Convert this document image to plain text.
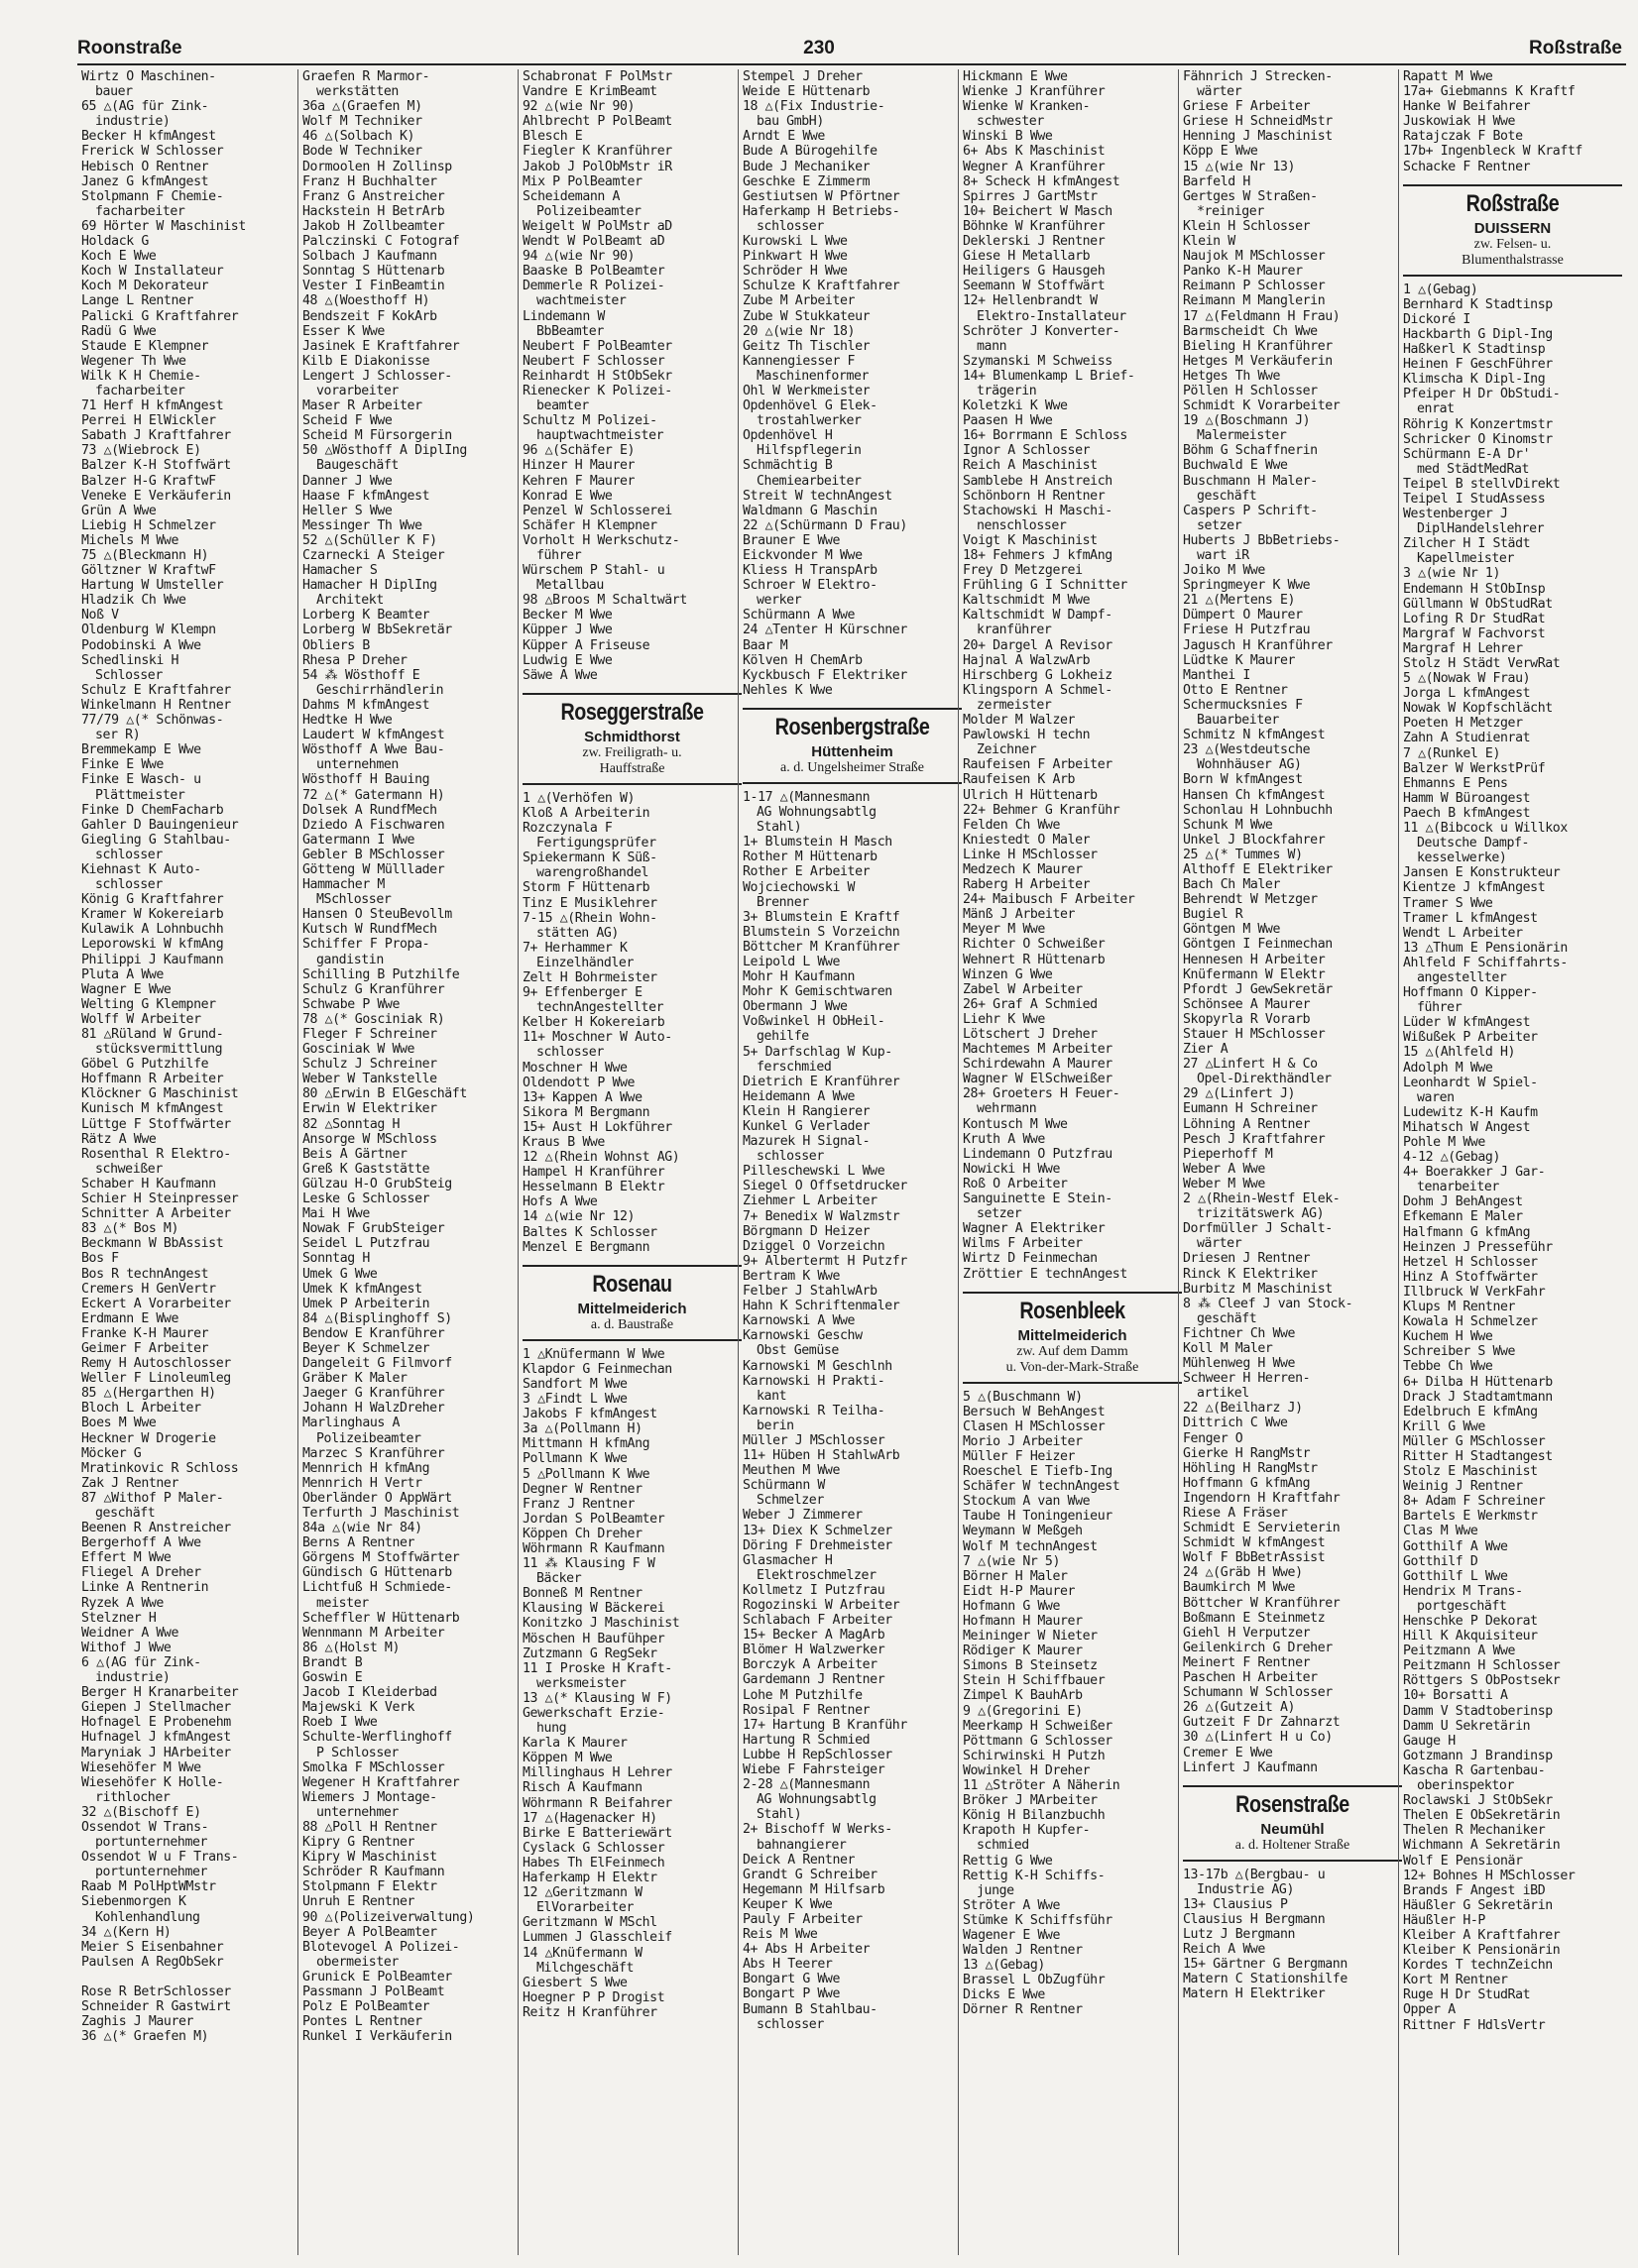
Roonstraße	230	Roßstraße
Wirtz O Maschinen-
bauer
65 △(AG für Zink-
industrie)
Becker H kfmAngest
Frerick W Schlosser
Hebisch O Rentner
Janez G kfmAngest
Stolpmann F Chemie-
facharbeiter
69 Hörter W Maschinist
Holdack G
Koch E Wwe
Koch W Installateur
Koch M Dekorateur
Lange L Rentner
Palicki G Kraftfahrer
Radü G Wwe
Staude E Klempner
Wegener Th Wwe
Wilk K H Chemie-
facharbeiter
71 Herf H kfmAngest
Perrei H ElWickler
Sabath J Kraftfahrer
73 △(Wiebrock E)
Balzer K-H Stoffwärt
Balzer H-G KraftwF
Veneke E Verkäuferin
Grün A Wwe
Liebig H Schmelzer
Michels M Wwe
75 △(Bleckmann H)
Göltzner W KraftwF
Hartung W Umsteller
Hladzik Ch Wwe
Noß V
Oldenburg W Klempn
Podobinski A Wwe
Schedlinski H
Schlosser
Schulz E Kraftfahrer
Winkelmann H Rentner
77/79 △(* Schönwas-
ser R)
Bremmekamp E Wwe
Finke E Wwe
Finke E Wasch- u
Plättmeister
Finke D ChemFacharb
Gahler D Bauingenieur
Giegling G Stahlbau-
schlosser
Kiehnast K Auto-
schlosser
König G Kraftfahrer
Kramer W Kokereiarb
Kulawik A Lohnbuchh
Leporowski W kfmAng
Philippi J Kaufmann
Pluta A Wwe
Wagner E Wwe
Welting G Klempner
Wolff W Arbeiter
81 △Rüland W Grund-
stücksvermittlung
Göbel G Putzhilfe
Hoffmann R Arbeiter
Klöckner G Maschinist
Kunisch M kfmAngest
Lüttge F Stoffwärter
Rätz A Wwe
Rosenthal R Elektro-
schweißer
Schaber H Kaufmann
Schier H Steinpresser
Schnitter A Arbeiter
83 △(* Bos M)
Beckmann W BbAssist
Bos F
Bos R technAngest
Cremers H GenVertr
Eckert A Vorarbeiter
Erdmann E Wwe
Franke K-H Maurer
Geimer F Arbeiter
Remy H Autoschlosser
Weller F Linoleumleg
85 △(Hergarthen H)
Bloch L Arbeiter
Boes M Wwe
Heckner W Drogerie
Möcker G
Mratinkovic R Schloss
Zak J Rentner
87 △Withof P Maler-
geschäft
Beenen R Anstreicher
Bergerhoff A Wwe
Effert M Wwe
Fliegel A Dreher
Linke A Rentnerin
Ryzek A Wwe
Stelzner H
Weidner A Wwe
Withof J Wwe
6 △(AG für Zink-
industrie)
Berger H Kranarbeiter
Giepen J Stellmacher
Hofnagel E Probenehm
Hufnagel J kfmAngest
Maryniak J HArbeiter
Wiesehöfer M Wwe
Wiesehöfer K Holle-
rithlocher
32 △(Bischoff E)
Ossendot W Trans-
portunternehmer
Ossendot W u F Trans-
portunternehmer
Raab M PolHptWMstr
Siebenmorgen K
Kohlenhandlung
34 △(Kern H)
Meier S Eisenbahner
Paulsen A RegObSekr

Rose R BetrSchlosser
Schneider R Gastwirt
Zaghis J Maurer
36 △(* Graefen M)
Graefen R Marmor-
werkstätten
36a △(Graefen M)
Wolf M Techniker
46 △(Solbach K)
Bode W Techniker
Dormoolen H Zollinsp
Franz H Buchhalter
Franz G Anstreicher
Hackstein H BetrArb
Jakob H Zollbeamter
Palczinski C Fotograf
Solbach J Kaufmann
Sonntag S Hüttenarb
Vester I FinBeamtin
48 △(Woesthoff H)
Bendszeit F KokArb
Esser K Wwe
Jasinek E Kraftfahrer
Kilb E Diakonisse
Lengert J Schlosser-
vorarbeiter
Maser R Arbeiter
Scheid F Wwe
Scheid M Fürsorgerin
50 △Wösthoff A DiplIng
Baugeschäft
Danner J Wwe
Haase F kfmAngest
Heller S Wwe
Messinger Th Wwe
52 △(Schüller K F)
Czarnecki A Steiger
Hamacher S
Hamacher H DiplIng
Architekt
Lorberg K Beamter
Lorberg W BbSekretär
Obliers B
Rhesa P Dreher
54 ⁂ Wösthoff E
Geschirrhändlerin
Dahms M kfmAngest
Hedtke H Wwe
Laudert W kfmAngest
Wösthoff A Wwe Bau-
unternehmen
Wösthoff H Bauing
72 △(* Gatermann H)
Dolsek A RundfMech
Dziedo A Fischwaren
Gatermann I Wwe
Gebler B MSchlosser
Götteng W Mülllader
Hammacher M
MSchlosser
Hansen O SteuBevollm
Kutsch W RundfMech
Schiffer F Propa-
gandistin
Schilling B Putzhilfe
Schulz G Kranführer
Schwabe P Wwe
78 △(* Gosciniak R)
Fleger F Schreiner
Gosciniak W Wwe
Schulz J Schreiner
Weber W Tankstelle
80 △Erwin B ElGeschäft
Erwin W Elektriker
82 △Sonntag H
Ansorge W MSchloss
Beis A Gärtner
Greß K Gaststätte
Gülzau H-O GrubSteig
Leske G Schlosser
Mai H Wwe
Nowak F GrubSteiger
Seidel L Putzfrau
Sonntag H
Umek G Wwe
Umek K kfmAngest
Umek P Arbeiterin
84 △(Bisplinghoff S)
Bendow E Kranführer
Beyer K Schmelzer
Dangeleit G Filmvorf
Gräber K Maler
Jaeger G Kranführer
Johann H WalzDreher
Marlinghaus A
Polizeibeamter
Marzec S Kranführer
Mennrich H kfmAng
Mennrich H Vertr
Oberländer O AppWärt
Terfurth J Maschinist
84a △(wie Nr 84)
Berns A Rentner
Görgens M Stoffwärter
Gündisch G Hüttenarb
Lichtfuß H Schmiede-
meister
Scheffler W Hüttenarb
Wennmann M Arbeiter
86 △(Holst M)
Brandt B
Goswin E
Jacob I Kleiderbad
Majewski K Verk
Roeb I Wwe
Schulte-Werflinghoff
P Schlosser
Smolka F MSchlosser
Wegener H Kraftfahrer
Wiemers J Montage-
unternehmer
88 △Poll H Rentner
Kipry G Rentner
Kipry W Maschinist
Schröder R Kaufmann
Stolpmann F Elektr
Unruh E Rentner
90 △(Polizeiverwaltung)
Beyer A PolBeamter
Blotevogel A Polizei-
obermeister
Grunick E PolBeamter
Passmann J PolBeamt
Polz E PolBeamter
Pontes L Rentner
Runkel I Verkäuferin
Schabronat F PolMstr
Vandre E KrimBeamt
92 △(wie Nr 90)
Ahlbrecht P PolBeamt
Blesch E
Fiegler K Kranführer
Jakob J PolObMstr iR
Mix P PolBeamter
Scheidemann A
Polizeibeamter
Weigelt W PolMstr aD
Wendt W PolBeamt aD
94 △(wie Nr 90)
Baaske B PolBeamter
Demmerle R Polizei-
wachtmeister
Lindemann W
BbBeamter
Neubert F PolBeamter
Neubert F Schlosser
Reinhardt H StObSekr
Rienecker K Polizei-
beamter
Schultz M Polizei-
hauptwachtmeister
96 △(Schäfer E)
Hinzer H Maurer
Kehren F Maurer
Konrad E Wwe
Penzel W Schlosserei
Schäfer H Klempner
Vorholt H Werkschutz-
führer
Würschem P Stahl- u
Metallbau
98 △Broos M Schaltwärt
Becker M Wwe
Küpper J Wwe
Küpper A Friseuse
Ludwig E Wwe
Säwe A Wwe
Roseggerstraße
Schmidthorst
zw. Freiligrath- u.
Hauffstraße
1 △(Verhöfen W)
Kloß A Arbeiterin
Rozczynala F
Fertigungsprüfer
Spiekermann K Süß-
warengroßhandel
Storm F Hüttenarb
Tinz E Musiklehrer
7-15 △(Rhein Wohn-
stätten AG)
7+ Herhammer K
Einzelhändler
Zelt H Bohrmeister
9+ Effenberger E
technAngestellter
Kelber H Kokereiarb
11+ Moschner W Auto-
schlosser
Moschner H Wwe
Oldendott P Wwe
13+ Kappen A Wwe
Sikora M Bergmann
15+ Aust H Lokführer
Kraus B Wwe
12 △(Rhein Wohnst AG)
Hampel H Kranführer
Hesselmann B Elektr
Hofs A Wwe
14 △(wie Nr 12)
Baltes K Schlosser
Menzel E Bergmann
Rosenau
Mittelmeiderich
a. d. Baustraße
1 △Knüfermann W Wwe
Klapdor G Feinmechan
Sandfort M Wwe
3 △Findt L Wwe
Jakobs F kfmAngest
3a △(Pollmann H)
Mittmann H kfmAng
Pollmann K Wwe
5 △Pollmann K Wwe
Degner W Rentner
Franz J Rentner
Jordan S PolBeamter
Köppen Ch Dreher
Wöhrmann R Kaufmann
11 ⁂ Klausing F W
Bäcker
Bonneß M Rentner
Klausing W Bäckerei
Konitzko J Maschinist
Möschen H Baufühper
Zutzmann G RegSekr
11 I Proske H Kraft-
werksmeister
13 △(* Klausing W F)
Gewerkschaft Erzie-
hung
Karla K Maurer
Köppen M Wwe
Millinghaus H Lehrer
Risch A Kaufmann
Wöhrmann R Beifahrer
17 △(Hagenacker H)
Birke E Batteriewärt
Cyslack G Schlosser
Habes Th ElFeinmech
Haferkamp H Elektr
12 △Geritzmann W
ElVorarbeiter
Geritzmann W MSchl
Lummen J Glasschleif
14 △Knüfermann W
Milchgeschäft
Giesbert S Wwe
Hoegner P P Drogist
Reitz H Kranführer
Stempel J Dreher
Weide E Hüttenarb
18 △(Fix Industrie-
bau GmbH)
Arndt E Wwe
Bude A Bürogehilfe
Bude J Mechaniker
Geschke E Zimmerm
Gestiutsen W Pförtner
Haferkamp H Betriebs-
schlosser
Kurowski L Wwe
Pinkwart H Wwe
Schröder H Wwe
Schulze K Kraftfahrer
Zube M Arbeiter
Zube W Stukkateur
20 △(wie Nr 18)
Geitz Th Tischler
Kannengiesser F
Maschinenformer
Ohl W Werkmeister
Opdenhövel G Elek-
trostahlwerker
Opdenhövel H
Hilfspflegerin
Schmächtig B
Chemiearbeiter
Streit W technAngest
Waldmann G Maschin
22 △(Schürmann D Frau)
Brauner E Wwe
Eickvonder M Wwe
Kliess H TranspArb
Schroer W Elektro-
werker
Schürmann A Wwe
24 △Tenter H Kürschner
Baar M
Kölven H ChemArb
Kyckbusch F Elektriker
Nehles K Wwe
Rosenbergstraße
Hüttenheim
a. d. Ungelsheimer Straße
1-17 △(Mannesmann
AG Wohnungsabtlg
Stahl)
1+ Blumstein H Masch
Rother M Hüttenarb
Rother E Arbeiter
Wojciechowski W
Brenner
3+ Blumstein E Kraftf
Blumstein S Vorzeichn
Böttcher M Kranführer
Leipold L Wwe
Mohr H Kaufmann
Mohr K Gemischtwaren
Obermann J Wwe
Voßwinkel H ObHeil-
gehilfe
5+ Darfschlag W Kup-
ferschmied
Dietrich E Kranführer
Heidemann A Wwe
Klein H Rangierer
Kunkel G Verlader
Mazurek H Signal-
schlosser
Pilleschewski L Wwe
Siegel O Offsetdrucker
Ziehmer L Arbeiter
7+ Benedix W Walzmstr
Börgmann D Heizer
Dziggel O Vorzeichn
9+ Albertermt H Putzfr
Bertram K Wwe
Felber J StahlwArb
Hahn K Schriftenmaler
Karnowski A Wwe
Karnowski Geschw
Obst Gemüse
Karnowski M Geschlnh
Karnowski H Prakti-
kant
Karnowski R Teilha-
berin
Müller J MSchlosser
11+ Hüben H StahlwArb
Meuthen M Wwe
Schürmann W
Schmelzer
Weber J Zimmerer
13+ Diex K Schmelzer
Döring F Drehmeister
Glasmacher H
Elektroschmelzer
Kollmetz I Putzfrau
Rogozinski W Arbeiter
Schlabach F Arbeiter
15+ Becker A MagArb
Blömer H Walzwerker
Borczyk A Arbeiter
Gardemann J Rentner
Lohe M Putzhilfe
Rosipal F Rentner
17+ Hartung B Kranführ
Hartung R Schmied
Lubbe H RepSchlosser
Wiebe F Fahrsteiger
2-28 △(Mannesmann
AG Wohnungsabtlg
Stahl)
2+ Bischoff W Werks-
bahnangierer
Deick A Rentner
Grandt G Schreiber
Hegemann M Hilfsarb
Keuper K Wwe
Pauly F Arbeiter
Reis M Wwe
4+ Abs H Arbeiter
Abs H Teerer
Bongart G Wwe
Bongart P Wwe
Bumann B Stahlbau-
schlosser
Hickmann E Wwe
Wienke J Kranführer
Wienke W Kranken-
schwester
Winski B Wwe
6+ Abs K Maschinist
Wegner A Kranführer
8+ Scheck H kfmAngest
Spirres J GartMstr
10+ Beichert W Masch
Böhnke W Kranführer
Deklerski J Rentner
Giese H Metallarb
Heiligers G Hausgeh
Seemann W Stoffwärt
12+ Hellenbrandt W
Elektro-Installateur
Schröter J Konverter-
mann
Szymanski M Schweiss
14+ Blumenkamp L Brief-
trägerin
Koletzki K Wwe
Paasen H Wwe
16+ Borrmann E Schloss
Ignor A Schlosser
Reich A Maschinist
Samblebe H Anstreich
Schönborn H Rentner
Stachowski H Maschi-
nenschlosser
Voigt K Maschinist
18+ Fehmers J kfmAng
Frey D Metzgerei
Frühling G I Schnitter
Kaltschmidt M Wwe
Kaltschmidt W Dampf-
kranführer
20+ Dargel A Revisor
Hajnal A WalzwArb
Hirschberg G Lokheiz
Klingsporn A Schmel-
zermeister
Molder M Walzer
Pawlowski H techn
Zeichner
Raufeisen F Arbeiter
Raufeisen K Arb
Ulrich H Hüttenarb
22+ Behmer G Kranführ
Felden Ch Wwe
Kniestedt O Maler
Linke H MSchlosser
Medzech K Maurer
Raberg H Arbeiter
24+ Maibusch F Arbeiter
Mänß J Arbeiter
Meyer M Wwe
Richter O Schweißer
Wehnert R Hüttenarb
Winzen G Wwe
Zabel W Arbeiter
26+ Graf A Schmied
Liehr K Wwe
Lötschert J Dreher
Machtemes M Arbeiter
Schirdewahn A Maurer
Wagner W ElSchweißer
28+ Groeters H Feuer-
wehrmann
Kontusch M Wwe
Kruth A Wwe
Lindemann O Putzfrau
Nowicki H Wwe
Roß O Arbeiter
Sanguinette E Stein-
setzer
Wagner A Elektriker
Wilms F Arbeiter
Wirtz D Feinmechan
Zröttier E technAngest
Rosenbleek
Mittelmeiderich
zw. Auf dem Damm
u. Von-der-Mark-Straße
5 △(Buschmann W)
Bersuch W BehAngest
Clasen H MSchlosser
Morio J Arbeiter
Müller F Heizer
Roeschel E Tiefb-Ing
Schäfer W technAngest
Stockum A van Wwe
Taube H Toningenieur
Weymann W Meßgeh
Wolf M technAngest
7 △(wie Nr 5)
Börner H Maler
Eidt H-P Maurer
Hofmann G Wwe
Hofmann H Maurer
Meininger W Nieter
Rödiger K Maurer
Simons B Steinsetz
Stein H Schiffbauer
Zimpel K BauhArb
9 △(Gregorini E)
Meerkamp H Schweißer
Pöttmann G Schlosser
Schirwinski H Putzh
Wowinkel H Dreher
11 △Ströter A Näherin
Bröker J MArbeiter
König H Bilanzbuchh
Krapoth H Kupfer-
schmied
Rettig G Wwe
Rettig K-H Schiffs-
junge
Ströter A Wwe
Stümke K Schiffsführ
Wagener E Wwe
Walden J Rentner
13 △(Gebag)
Brassel L ObZugführ
Dicks E Wwe
Dörner R Rentner
Fähnrich J Strecken-
wärter
Griese F Arbeiter
Griese H SchneidMstr
Henning J Maschinist
Köpp E Wwe
15 △(wie Nr 13)
Barfeld H
Gertges W Straßen-
*reiniger
Klein H Schlosser
Klein W
Naujok M MSchlosser
Panko K-H Maurer
Reimann P Schlosser
Reimann M Manglerin
17 △(Feldmann H Frau)
Barmscheidt Ch Wwe
Bieling H Kranführer
Hetges M Verkäuferin
Hetges Th Wwe
Pöllen H Schlosser
Schmidt K Vorarbeiter
19 △(Boschmann J)
Malermeister
Böhm G Schaffnerin
Buchwald E Wwe
Buschmann H Maler-
geschäft
Caspers P Schrift-
setzer
Huberts J BbBetriebs-
wart iR
Joiko M Wwe
Springmeyer K Wwe
21 △(Mertens E)
Dümpert O Maurer
Friese H Putzfrau
Jagusch H Kranführer
Lüdtke K Maurer
Manthei I
Otto E Rentner
Schermucksnies F
Bauarbeiter
Schmitz N kfmAngest
23 △(Westdeutsche
Wohnhäuser AG)
Born W kfmAngest
Hansen Ch kfmAngest
Schonlau H Lohnbuchh
Schunk M Wwe
Unkel J Blockfahrer
25 △(* Tummes W)
Althoff E Elektriker
Bach Ch Maler
Behrendt W Metzger
Bugiel R
Göntgen M Wwe
Göntgen I Feinmechan
Hennesen H Arbeiter
Knüfermann W Elektr
Pfordt J GewSekretär
Schönsee A Maurer
Skopyrla R Vorarb
Stauer H MSchlosser
Zier A
27 △Linfert H & Co
Opel-Direkthändler
29 △(Linfert J)
Eumann H Schreiner
Löhning A Rentner
Pesch J Kraftfahrer
Pieperhoff M
Weber A Wwe
Weber M Wwe
2 △(Rhein-Westf Elek-
trizitätswerk AG)
Dorfmüller J Schalt-
wärter
Driesen J Rentner
Rinck K Elektriker
Burbitz M Maschinist
8 ⁂ Cleef J van Stock-
geschäft
Fichtner Ch Wwe
Koll M Maler
Mühlenweg H Wwe
Schweer H Herren-
artikel
22 △(Beilharz J)
Dittrich C Wwe
Fenger O
Gierke H RangMstr
Höhling H RangMstr
Hoffmann G kfmAng
Ingendorn H Kraftfahr
Riese A Fräser
Schmidt E Servieterin
Schmidt W kfmAngest
Wolf F BbBetrAssist
24 △(Gräb H Wwe)
Baumkirch M Wwe
Böttcher W Kranführer
Boßmann E Steinmetz
Giehl H Verputzer
Geilenkirch G Dreher
Meinert F Rentner
Paschen H Arbeiter
Schumann W Schlosser
26 △(Gutzeit A)
Gutzeit F Dr Zahnarzt
30 △(Linfert H u Co)
Cremer E Wwe
Linfert J Kaufmann
Rosenstraße
Neumühl
a. d. Holtener Straße
13-17b △(Bergbau- u
Industrie AG)
13+ Clausius P
Clausius H Bergmann
Lutz J Bergmann
Reich A Wwe
15+ Gärtner G Bergmann
Matern C Stationshilfe
Matern H Elektriker
Rapatt M Wwe
17a+ Giebmanns K Kraftf
Hanke W Beifahrer
Juskowiak H Wwe
Ratajczak F Bote
17b+ Ingenbleck W Kraftf
Schacke F Rentner
Roßstraße
DUISSERN
zw. Felsen- u.
Blumenthalstrasse
1 △(Gebag)
Bernhard K Stadtinsp
Dickoré I
Hackbarth G Dipl-Ing
Haßkerl K Stadtinsp
Heinen F GeschFührer
Klimscha K Dipl-Ing
Pfeiper H Dr ObStudi-
enrat
Röhrig K Konzertmstr
Schricker O Kinomstr
Schürmann E-A Dr'
med StädtMedRat
Teipel B stellvDirekt
Teipel I StudAssess
Westenberger J
DiplHandelslehrer
Zilcher H I Städt
Kapellmeister
3 △(wie Nr 1)
Endemann H StObInsp
Güllmann W ObStudRat
Lofing R Dr StudRat
Margraf W Fachvorst
Margraf H Lehrer
Stolz H Städt VerwRat
5 △(Nowak W Frau)
Jorga L kfmAngest
Nowak W Kopfschlächt
Poeten H Metzger
Zahn A Studienrat
7 △(Runkel E)
Balzer W WerkstPrüf
Ehmanns E Pens
Hamm W Büroangest
Paech B kfmAngest
11 △(Bibcock u Willkox
Deutsche Dampf-
kesselwerke)
Jansen E Konstrukteur
Kientze J kfmAngest
Tramer S Wwe
Tramer L kfmAngest
Wendt L Arbeiter
13 △Thum E Pensionärin
Ahlfeld F Schiffahrts-
angestellter
Hoffmann O Kipper-
führer
Lüder W kfmAngest
Wißußek P Arbeiter
15 △(Ahlfeld H)
Adolph M Wwe
Leonhardt W Spiel-
waren
Ludewitz K-H Kaufm
Mihatsch W Angest
Pohle M Wwe
4-12 △(Gebag)
4+ Boerakker J Gar-
tenarbeiter
Dohm J BehAngest
Efkemann E Maler
Halfmann G kfmAng
Heinzen J Presseführ
Hetzel H Schlosser
Hinz A Stoffwärter
Illbruck W VerkFahr
Klups M Rentner
Kowala H Schmelzer
Kuchem H Wwe
Schreiber S Wwe
Tebbe Ch Wwe
6+ Dilba H Hüttenarb
Drack J Stadtamtmann
Edelbruch E kfmAng
Krill G Wwe
Müller G MSchlosser
Ritter H Stadtangest
Stolz E Maschinist
Weinig J Rentner
8+ Adam F Schreiner
Bartels E Werkmstr
Clas M Wwe
Gotthilf A Wwe
Gotthilf D
Gotthilf L Wwe
Hendrix M Trans-
portgeschäft
Henschke P Dekorat
Hill K Akquisiteur
Peitzmann A Wwe
Peitzmann H Schlosser
Röttgers S ObPostsekr
10+ Borsatti A
Damm V Stadtoberinsp
Damm U Sekretärin
Gauge H
Gotzmann J Brandinsp
Kascha R Gartenbau-
oberinspektor
Roclawski J StObSekr
Thelen E ObSekretärin
Thelen R Mechaniker
Wichmann A Sekretärin
Wolf E Pensionär
12+ Bohnes H MSchlosser
Brands F Angest iBD
Häußler G Sekretärin
Häußler H-P
Kleiber A Kraftfahrer
Kleiber K Pensionärin
Kordes T technZeichn
Kort M Rentner
Ruge H Dr StudRat
Opper A
Rittner F HdlsVertr
